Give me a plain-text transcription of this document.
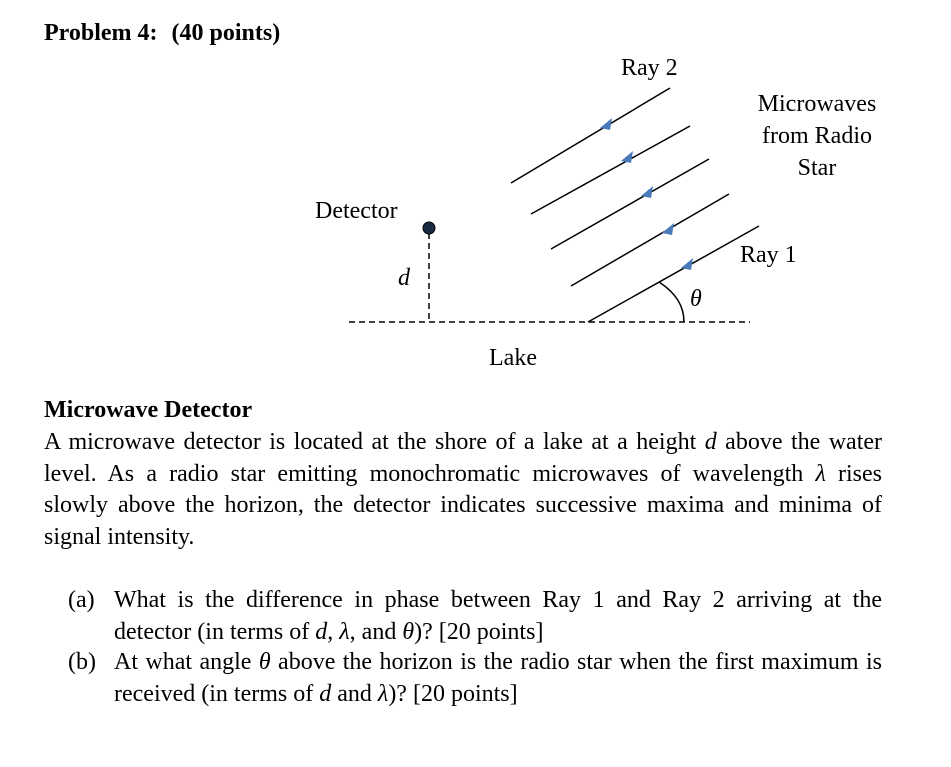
Problem 4: (40 points)
Ray 2
Microwaves
from Radio
Star
Detector
Ray 1
d
θ
Lake
Microwave Detector
A microwave detector is located at the shore of a lake at a height d above the water level. As a radio star emitting monochromatic microwaves of wavelength λ rises slowly above the horizon, the detector indicates successive maxima and minima of signal intensity.
(a) What is the difference in phase between Ray 1 and Ray 2 arriving at the detector (in terms of d, λ, and θ)? [20 points]
(b) At what angle θ above the horizon is the radio star when the first maximum is received (in terms of d and λ)? [20 points]
